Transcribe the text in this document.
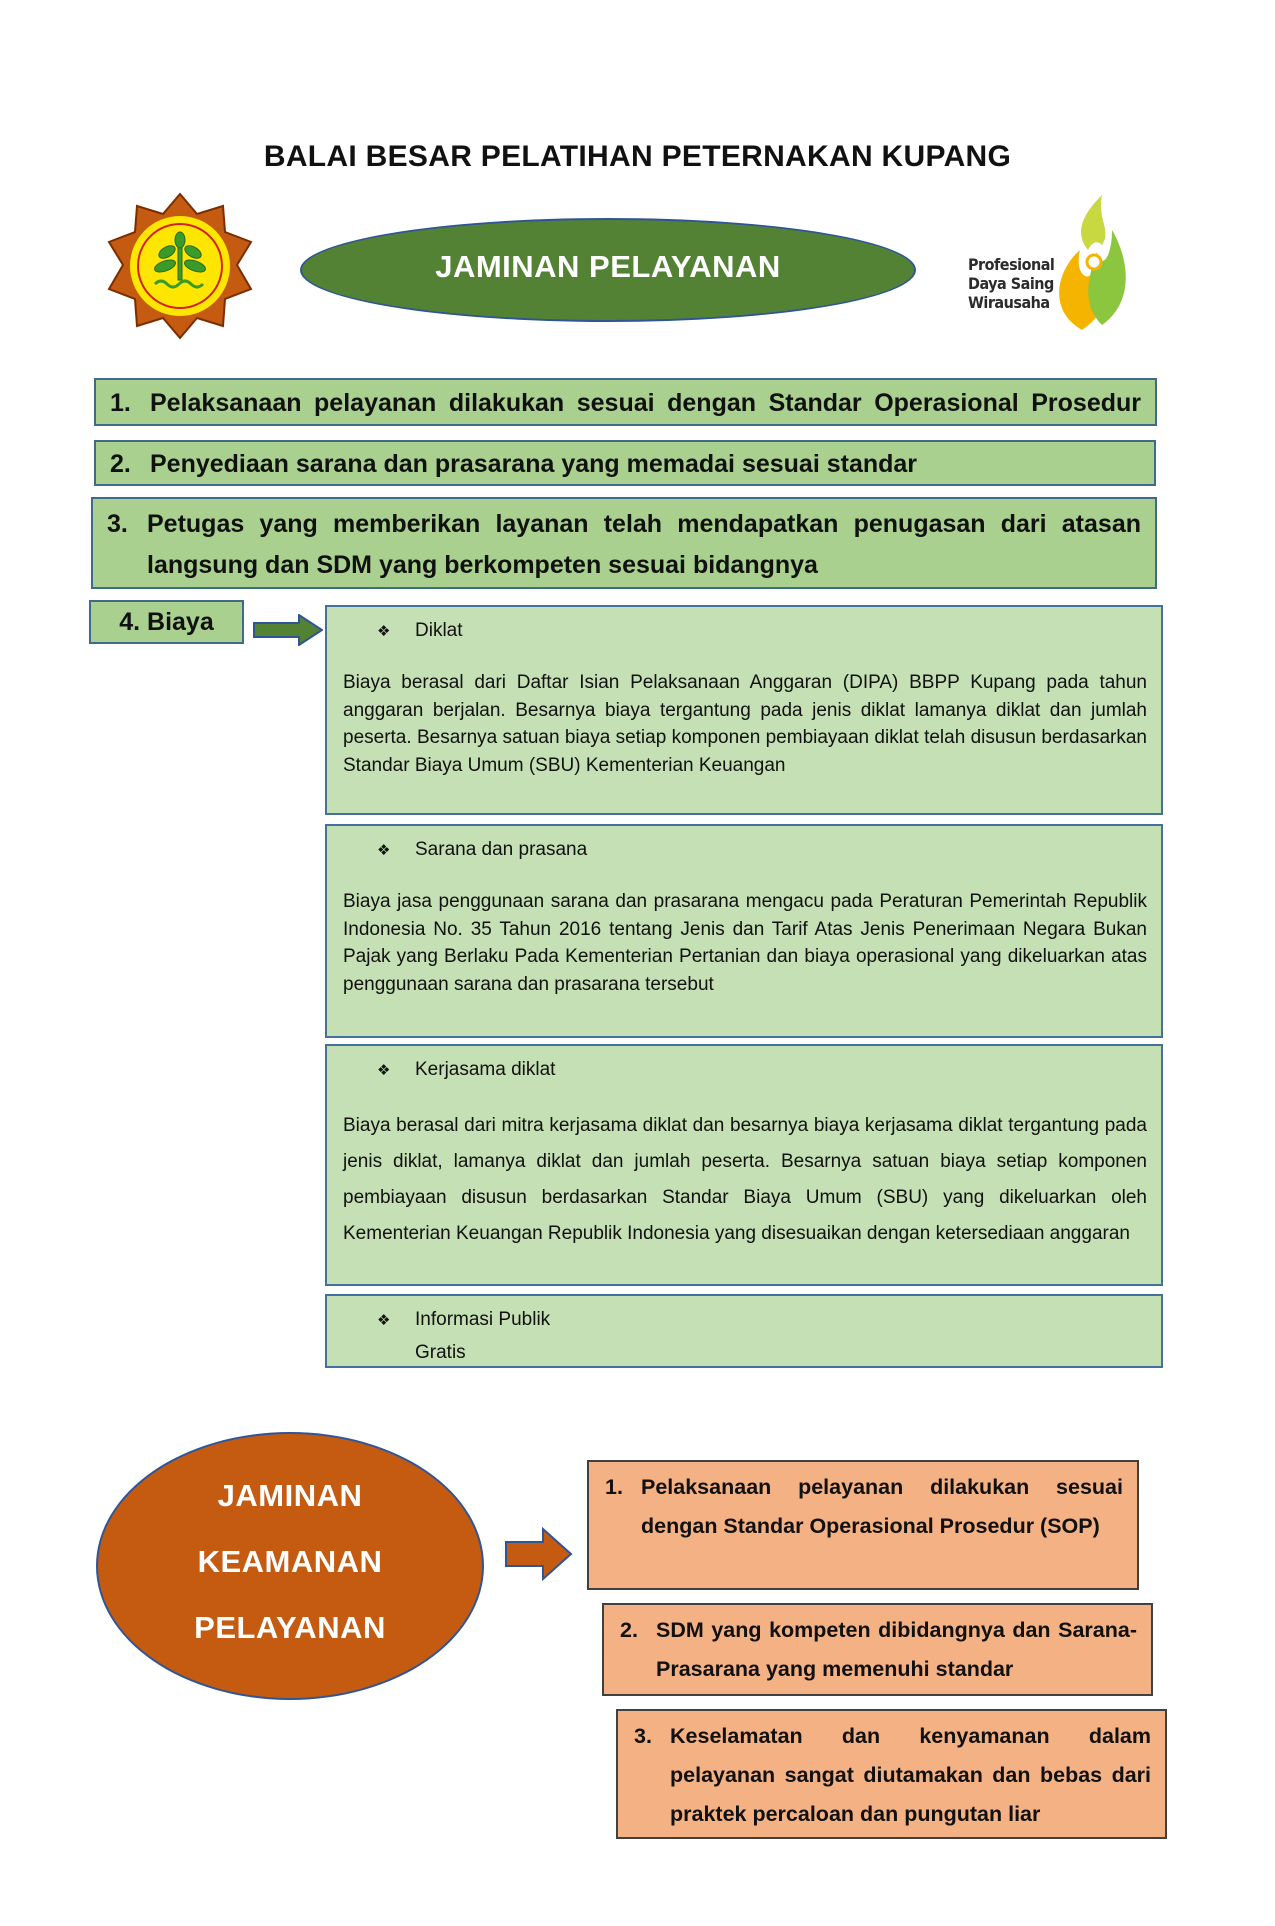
BALAI BESAR PELATIHAN PETERNAKAN KUPANG
JAMINAN PELAYANAN	Profesional
Daya Saing
Wirausaha
1. Pelaksanaan pelayanan dilakukan sesuai dengan Standar Operasional Prosedur
2. Penyediaan sarana dan prasarana yang memadai sesuai standar
3. Petugas yang memberikan layanan telah mendapatkan penugasan dari atasan
langsung dan SDM yang berkompeten sesuai bidangnya
4. Biaya	❖ Diklat
Biaya berasal dari Daftar Isian Pelaksanaan Anggaran (DIPA) BBPP Kupang pada tahun anggaran berjalan. Besarnya biaya tergantung pada jenis diklat lamanya diklat dan jumlah peserta. Besarnya satuan biaya setiap komponen pembiayaan diklat telah disusun berdasarkan Standar Biaya Umum (SBU) Kementerian Keuangan
❖ Sarana dan prasana
Biaya jasa penggunaan sarana dan prasarana mengacu pada Peraturan Pemerintah Republik Indonesia No. 35 Tahun 2016 tentang Jenis dan Tarif Atas Jenis Penerimaan Negara Bukan Pajak yang Berlaku Pada Kementerian Pertanian dan biaya operasional yang dikeluarkan atas penggunaan sarana dan prasarana tersebut
❖ Kerjasama diklat
Biaya berasal dari mitra kerjasama diklat dan besarnya biaya kerjasama diklat tergantung pada jenis diklat, lamanya diklat dan jumlah peserta. Besarnya satuan biaya setiap komponen pembiayaan disusun berdasarkan Standar Biaya Umum (SBU) yang dikeluarkan oleh Kementerian Keuangan Republik Indonesia yang disesuaikan dengan ketersediaan anggaran
❖ Informasi Publik
Gratis
JAMINAN
KEAMANAN
PELAYANAN
1. Pelaksanaan pelayanan dilakukan sesuai dengan Standar Operasional Prosedur (SOP)
2. SDM yang kompeten dibidangnya dan Sarana-Prasarana yang memenuhi standar
3. Keselamatan dan kenyamanan dalam pelayanan sangat diutamakan dan bebas dari praktek percaloan dan pungutan liar
